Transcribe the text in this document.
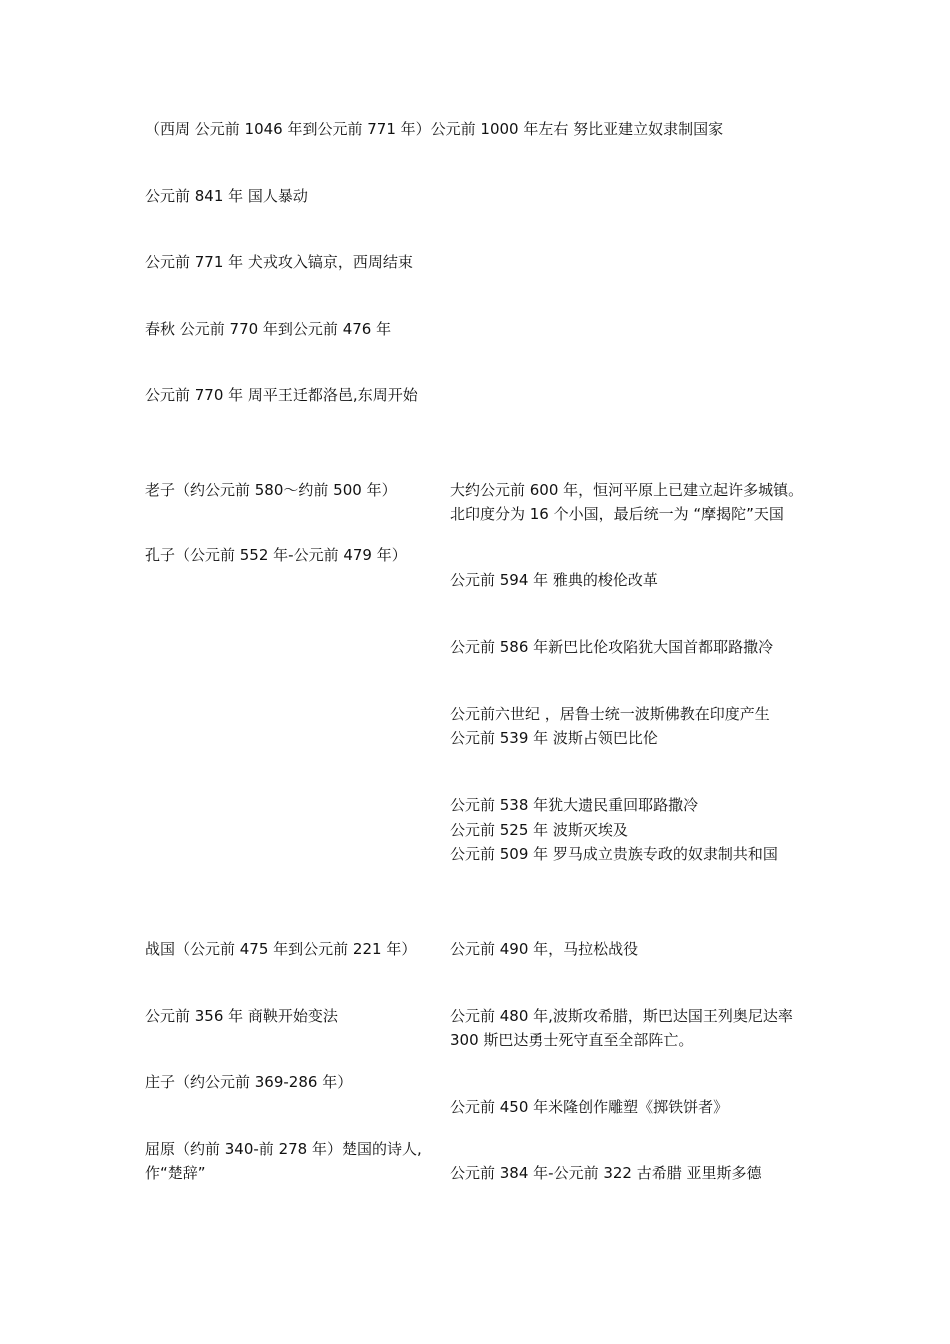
（西周 公元前 1046 年到公元前 771 年）公元前 1000 年左右 努比亚建立奴隶制国家
公元前 841 年 国人暴动
公元前 771 年 犬戎攻入镐京，西周结束
春秋 公元前 770 年到公元前 476 年
公元前 770 年 周平王迁都洛邑,东周开始
老子（约公元前 580～约前 500 年）
孔子（公元前 552 年-公元前 479 年）
战国（公元前 475 年到公元前 221 年）
公元前 356 年 商鞅开始变法
庄子（约公元前 369-286 年）
屈原（约前 340-前 278 年）楚国的诗人,
作“楚辞”
大约公元前 600 年，恒河平原上已建立起许多城镇。
北印度分为 16 个小国，最后统一为 “摩揭陀”天国
公元前 594 年 雅典的梭伦改革
公元前 586 年新巴比伦攻陷犹大国首都耶路撒冷
公元前六世纪 ，居鲁士统一波斯佛教在印度产生
公元前 539 年 波斯占领巴比伦
公元前 538 年犹大遗民重回耶路撒冷
公元前 525 年 波斯灭埃及
公元前 509 年 罗马成立贵族专政的奴隶制共和国
公元前 490 年，马拉松战役
公元前 480 年,波斯攻希腊，斯巴达国王列奥尼达率
300 斯巴达勇士死守直至全部阵亡。
公元前 450 年米隆创作雕塑《掷铁饼者》
公元前 384 年-公元前 322 古希腊 亚里斯多德
